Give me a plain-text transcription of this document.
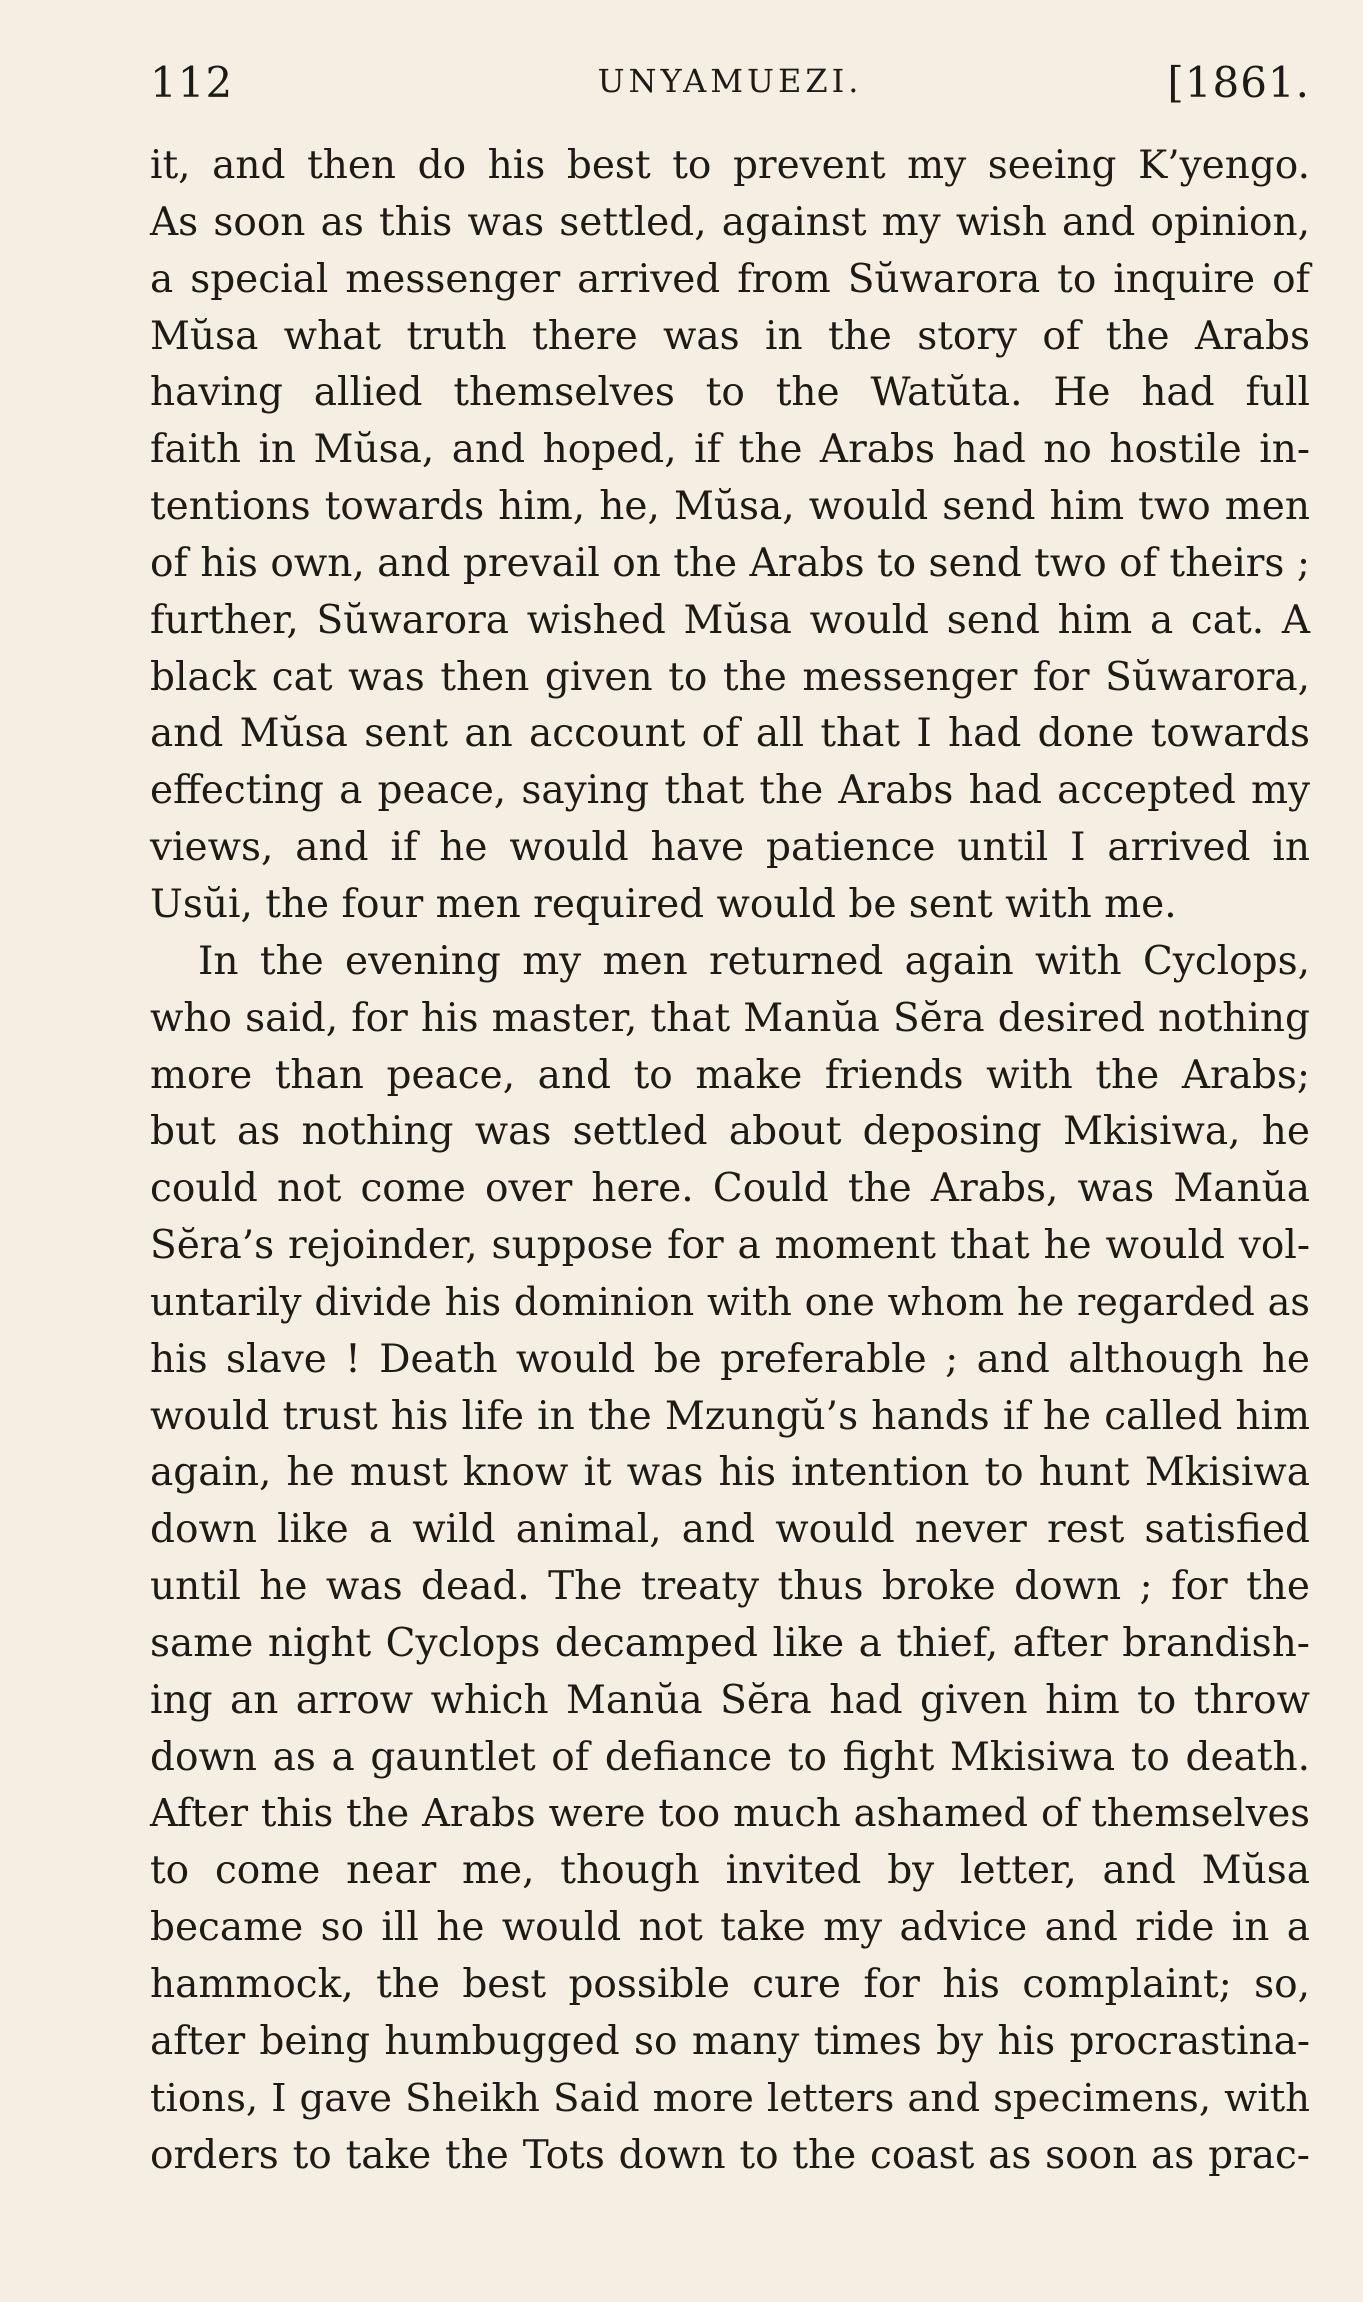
112	UNYAMUEZI.	[1861.
it, and then do his best to prevent my seeing K’yengo.
As soon as this was settled, against my wish and opinion,
a special messenger arrived from Sŭwarora to inquire of
Mŭsa what truth there was in the story of the Arabs
having allied themselves to the Watŭta. He had full
faith in Mŭsa, and hoped, if the Arabs had no hostile in-
tentions towards him, he, Mŭsa, would send him two men
of his own, and prevail on the Arabs to send two of theirs ;
further, Sŭwarora wished Mŭsa would send him a cat. A
black cat was then given to the messenger for Sŭwarora,
and Mŭsa sent an account of all that I had done towards
effecting a peace, saying that the Arabs had accepted my
views, and if he would have patience until I arrived in
Usŭi, the four men required would be sent with me.
In the evening my men returned again with Cyclops,
who said, for his master, that Manŭa Sĕra desired nothing
more than peace, and to make friends with the Arabs;
but as nothing was settled about deposing Mkisiwa, he
could not come over here. Could the Arabs, was Manŭa
Sĕra’s rejoinder, suppose for a moment that he would vol-
untarily divide his dominion with one whom he regarded as
his slave ! Death would be preferable ; and although he
would trust his life in the Mzungŭ’s hands if he called him
again, he must know it was his intention to hunt Mkisiwa
down like a wild animal, and would never rest satisfied
until he was dead. The treaty thus broke down ; for the
same night Cyclops decamped like a thief, after brandish-
ing an arrow which Manŭa Sĕra had given him to throw
down as a gauntlet of defiance to fight Mkisiwa to death.
After this the Arabs were too much ashamed of themselves
to come near me, though invited by letter, and Mŭsa
became so ill he would not take my advice and ride in a
hammock, the best possible cure for his complaint; so,
after being humbugged so many times by his procrastina-
tions, I gave Sheikh Said more letters and specimens, with
orders to take the Tots down to the coast as soon as prac-
